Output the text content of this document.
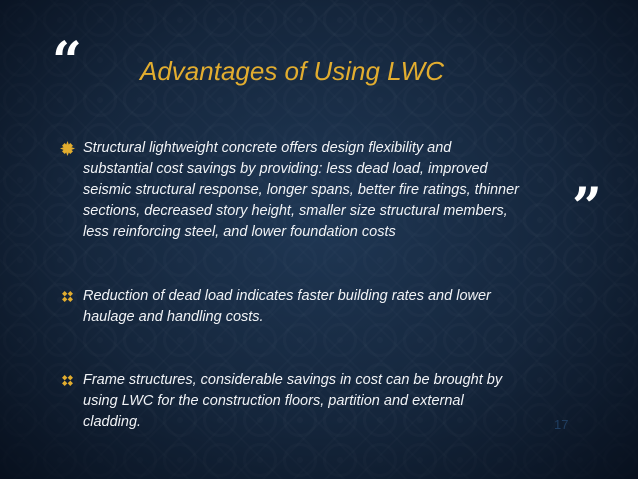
“ Advantages of Using LWC
Structural lightweight concrete offers design flexibility and
substantial cost savings by providing: less dead load, improved
seismic structural response, longer spans, better fire ratings, thinner
sections, decreased story height, smaller size structural members,
less reinforcing steel, and lower foundation costs
Reduction of dead load indicates faster building rates and lower
haulage and handling costs.
Frame structures, considerable savings in cost can be brought by
using LWC for the construction floors, partition and external
cladding.
”
17
